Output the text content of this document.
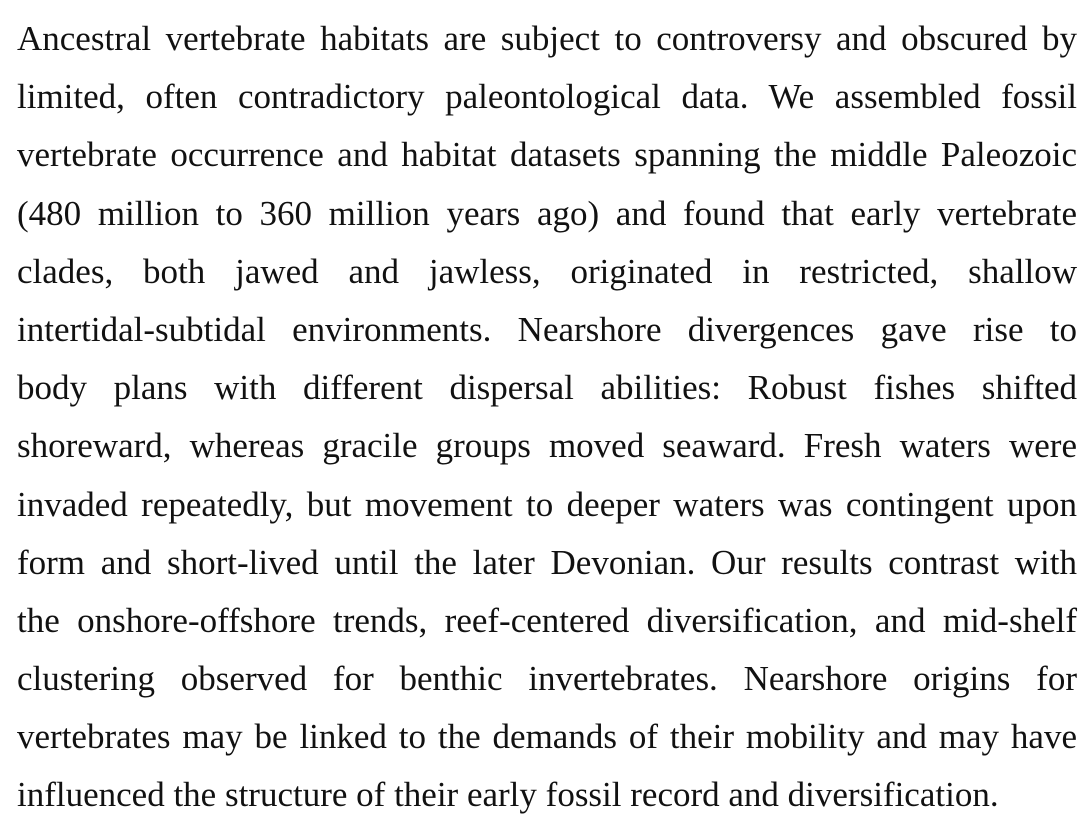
Ancestral vertebrate habitats are subject to controversy and obscured by
limited, often contradictory paleontological data. We assembled fossil
vertebrate occurrence and habitat datasets spanning the middle Paleozoic
(480 million to 360 million years ago) and found that early vertebrate
clades, both jawed and jawless, originated in restricted, shallow
intertidal-subtidal environments. Nearshore divergences gave rise to
body plans with different dispersal abilities: Robust fishes shifted
shoreward, whereas gracile groups moved seaward. Fresh waters were
invaded repeatedly, but movement to deeper waters was contingent upon
form and short-lived until the later Devonian. Our results contrast with
the onshore-offshore trends, reef-centered diversification, and mid-shelf
clustering observed for benthic invertebrates. Nearshore origins for
vertebrates may be linked to the demands of their mobility and may have
influenced the structure of their early fossil record and diversification.
